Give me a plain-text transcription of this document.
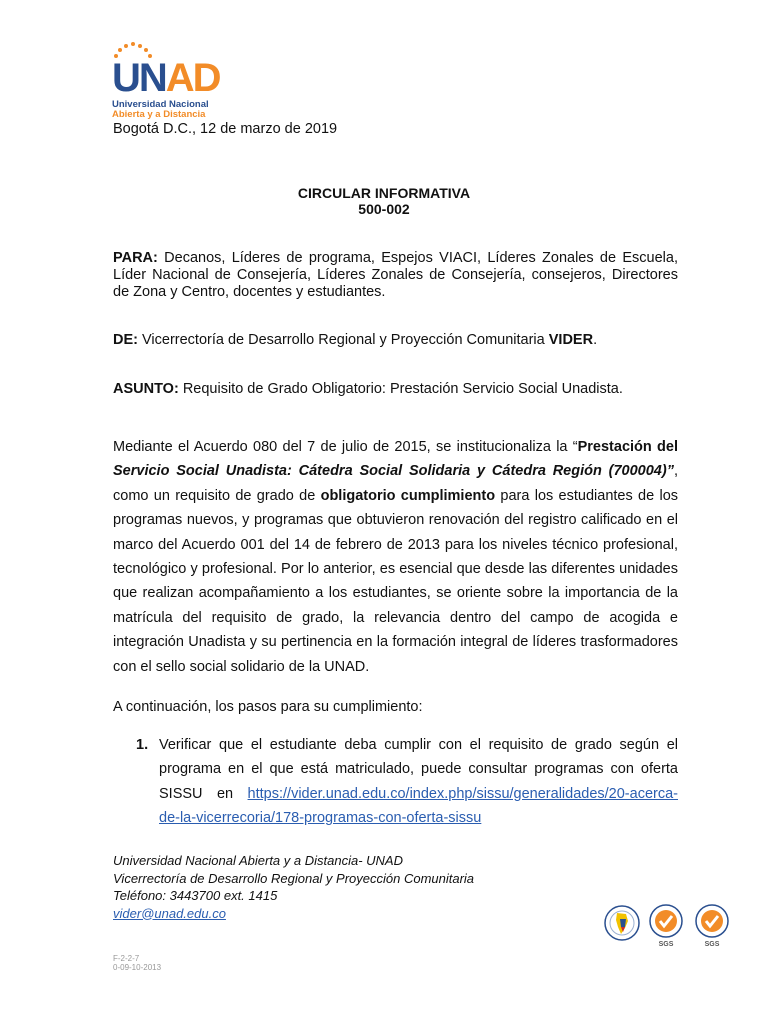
UNAD
Universidad Nacional
Abierta y a Distancia
Bogotá D.C., 12 de marzo de 2019
CIRCULAR INFORMATIVA
500-002
PARA: Decanos, Líderes de programa, Espejos VIACI, Líderes Zonales de Escuela, Líder Nacional de Consejería, Líderes Zonales de Consejería, consejeros, Directores de Zona y Centro, docentes y estudiantes.
DE: Vicerrectoría de Desarrollo Regional y Proyección Comunitaria VIDER.
ASUNTO: Requisito de Grado Obligatorio: Prestación Servicio Social Unadista.
Mediante el Acuerdo 080 del 7 de julio de 2015, se institucionaliza la “Prestación del Servicio Social Unadista: Cátedra Social Solidaria y Cátedra Región (700004)”, como un requisito de grado de obligatorio cumplimiento para los estudiantes de los programas nuevos, y programas que obtuvieron renovación del registro calificado en el marco del Acuerdo 001 del 14 de febrero de 2013 para los niveles técnico profesional, tecnológico y profesional. Por lo anterior, es esencial que desde las diferentes unidades que realizan acompañamiento a los estudiantes, se oriente sobre la importancia de la matrícula del requisito de grado, la relevancia dentro del campo de acogida e integración Unadista y su pertinencia en la formación integral de líderes trasformadores con el sello social solidario de la UNAD.
A continuación, los pasos para su cumplimiento:
1. Verificar que el estudiante deba cumplir con el requisito de grado según el programa en el que está matriculado, puede consultar programas con oferta SISSU en https://vider.unad.edu.co/index.php/sissu/generalidades/20-acerca-de-la-vicerrecoria/178-programas-con-oferta-sissu
Universidad Nacional Abierta y a Distancia- UNAD
Vicerrectoría de Desarrollo Regional y Proyección Comunitaria
Teléfono: 3443700 ext. 1415
vider@unad.edu.co
F-2-2-7
0-09-10-2013
SGS	SGS
